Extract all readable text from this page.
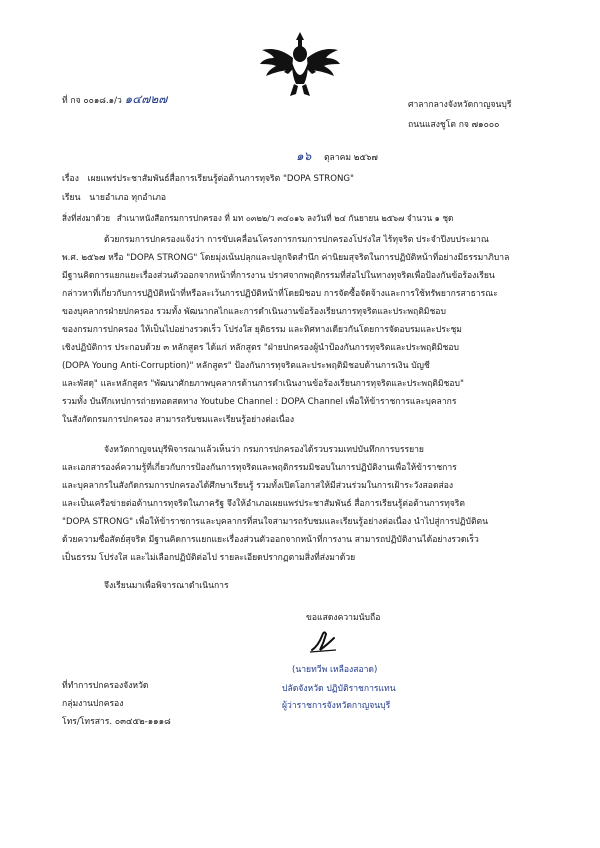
ที่ กจ ๐๐๑๘.๑/ว ๑๔๗๒๗	ศาลากลางจังหวัดกาญจนบุรี
ถนนแสงชูโต กจ ๗๑๐๐๐
๑๖ ตุลาคม ๒๕๖๗
เรื่อง เผยแพร่ประชาสัมพันธ์สื่อการเรียนรู้ต่อต้านการทุจริต "DOPA STRONG"
เรียน นายอำเภอ ทุกอำเภอ
สิ่งที่ส่งมาด้วย สำเนาหนังสือกรมการปกครอง ที่ มท ๐๓๒๒/ว ๓๔๐๑๖ ลงวันที่ ๒๔ กันยายน ๒๕๖๗ จำนวน ๑ ชุด
ด้วยกรมการปกครองแจ้งว่า การขับเคลื่อนโครงการกรมการปกครองโปร่งใส ไร้ทุจริต ประจำปีงบประมาณ
พ.ศ. ๒๕๖๗ หรือ "DOPA STRONG" โดยมุ่งเน้นปลุกและปลูกจิตสำนึก ค่านิยมสุจริตในการปฏิบัติหน้าที่อย่างมีธรรมาภิบาล
มีฐานคิดการแยกแยะเรื่องส่วนตัวออกจากหน้าที่การงาน ปราศจากพฤติกรรมที่ส่อไปในทางทุจริตเพื่อป้องกันข้อร้องเรียน
กล่าวหาที่เกี่ยวกับการปฏิบัติหน้าที่หรือละเว้นการปฏิบัติหน้าที่โดยมิชอบ การจัดซื้อจัดจ้างและการใช้ทรัพยากรสาธารณะ
ของบุคลากรฝ่ายปกครอง รวมทั้ง พัฒนากลไกและการดำเนินงานข้อร้องเรียนการทุจริตและประพฤติมิชอบ
ของกรมการปกครอง ให้เป็นไปอย่างรวดเร็ว โปร่งใส ยุติธรรม และทิศทางเดียวกันโดยการจัดอบรมและประชุม
เชิงปฏิบัติการ ประกอบด้วย ๓ หลักสูตร ได้แก่ หลักสูตร "ฝ่ายปกครองผู้นำป้องกันการทุจริตและประพฤติมิชอบ
(DOPA Young Anti-Corruption)" หลักสูตร" ป้องกันการทุจริตและประพฤติมิชอบด้านการเงิน บัญชี
และพัสดุ" และหลักสูตร "พัฒนาศักยภาพบุคลากรด้านการดำเนินงานข้อร้องเรียนการทุจริตและประพฤติมิชอบ"
รวมทั้ง บันทึกเทปการถ่ายทอดสดทาง Youtube Channel : DOPA Channel เพื่อให้ข้าราชการและบุคลากร
ในสังกัดกรมการปกครอง สามารถรับชมและเรียนรู้อย่างต่อเนื่อง
จังหวัดกาญจนบุรีพิจารณาแล้วเห็นว่า กรมการปกครองได้รวบรวมเทปบันทึกการบรรยาย
และเอกสารองค์ความรู้ที่เกี่ยวกับการป้องกันการทุจริตและพฤติกรรมมิชอบในการปฏิบัติงานเพื่อให้ข้าราชการ
และบุคลากรในสังกัดกรมการปกครองได้ศึกษาเรียนรู้ รวมทั้งเปิดโอกาสให้มีส่วนร่วมในการเฝ้าระวังสอดส่อง
และเป็นเครือข่ายต่อต้านการทุจริตในภาครัฐ จึงให้อำเภอเผยแพร่ประชาสัมพันธ์ สื่อการเรียนรู้ต่อต้านการทุจริต
"DOPA STRONG" เพื่อให้ข้าราชการและบุคลากรที่สนใจสามารถรับชมและเรียนรู้อย่างต่อเนื่อง นำไปสู่การปฏิบัติตน
ด้วยความซื่อสัตย์สุจริต มีฐานคิดการแยกแยะเรื่องส่วนตัวออกจากหน้าที่การงาน สามารถปฏิบัติงานได้อย่างรวดเร็ว
เป็นธรรม โปร่งใส และไม่เลือกปฏิบัติต่อไป รายละเอียดปรากฏตามสิ่งที่ส่งมาด้วย
จึงเรียนมาเพื่อพิจารณาดำเนินการ
ขอแสดงความนับถือ
(นายทวีพ เหลืองสอาด)
ปลัดจังหวัด ปฏิบัติราชการแทน
ผู้ว่าราชการจังหวัดกาญจนบุรี
ที่ทำการปกครองจังหวัด
กลุ่มงานปกครอง
โทร/โทรสาร. ๐๓๔๕๒-๑๑๑๘
